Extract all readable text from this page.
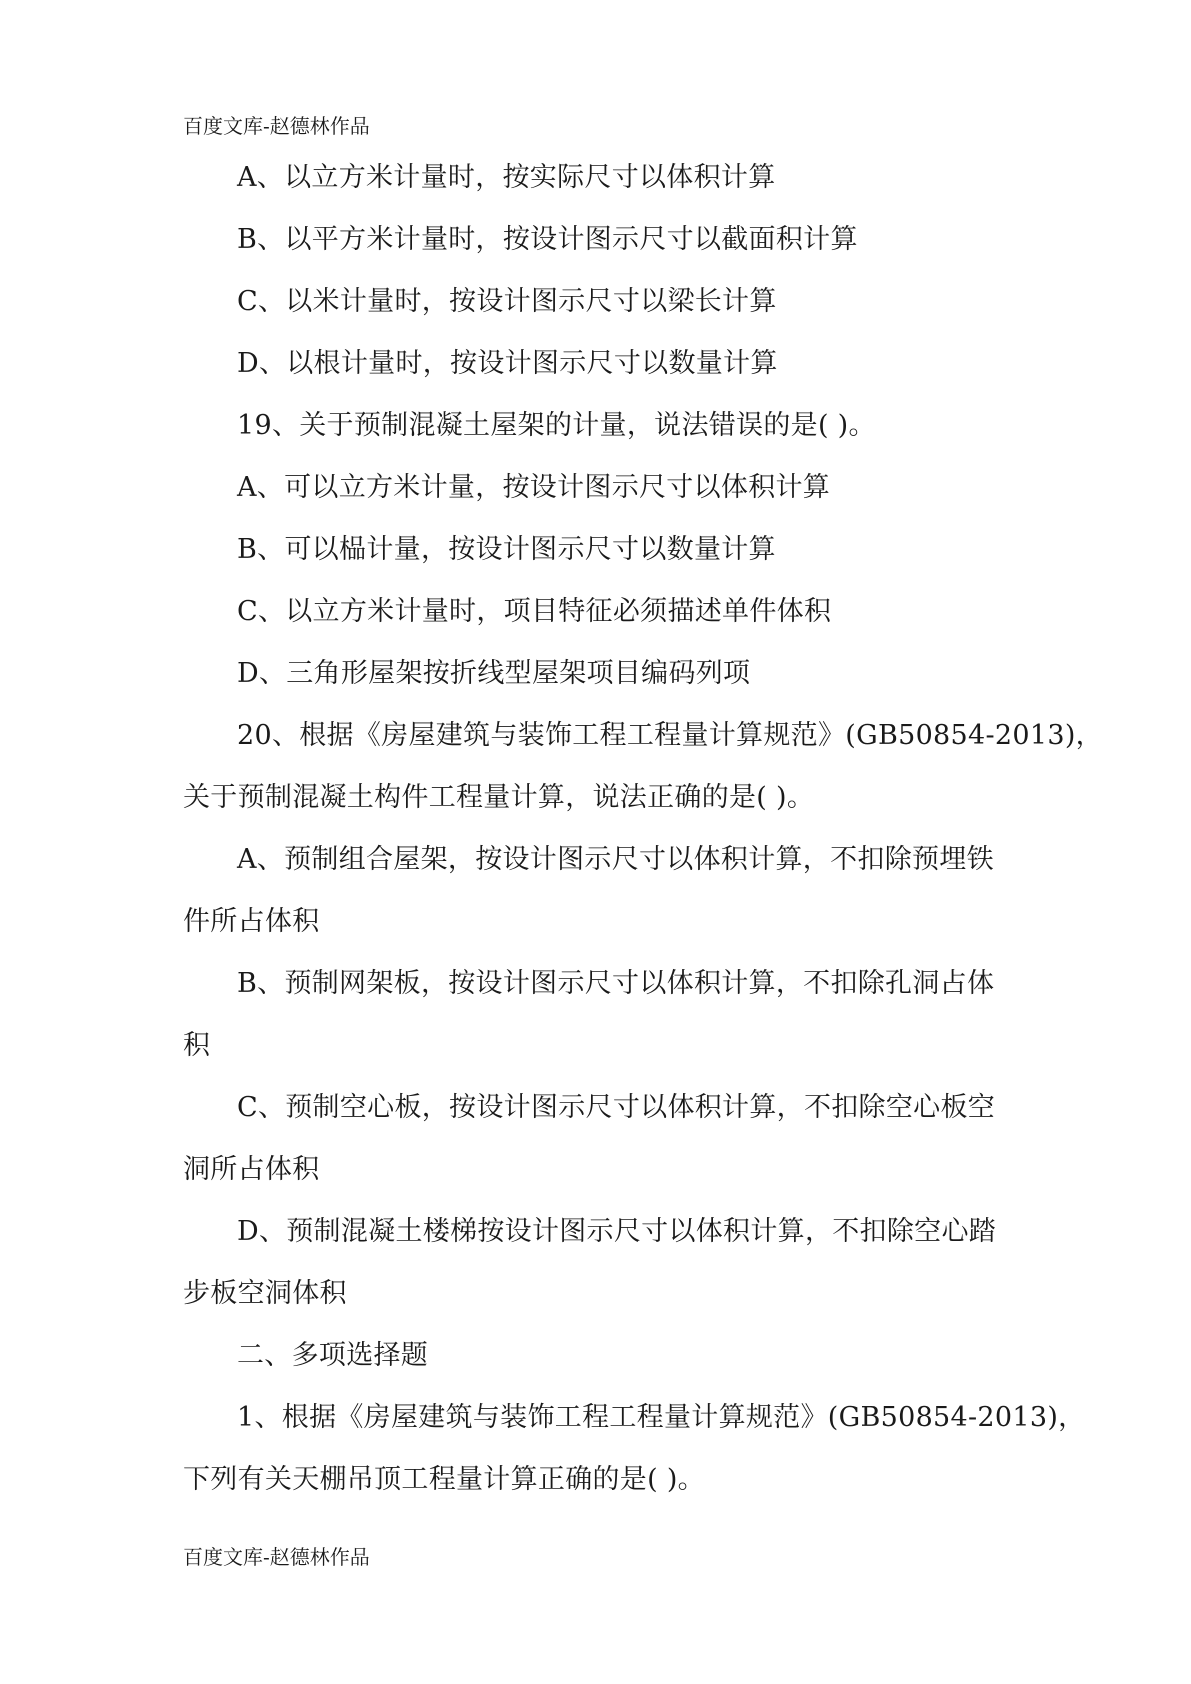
百度文库-赵德林作品

A、以立方米计量时，按实际尺寸以体积计算

B、以平方米计量时，按设计图示尺寸以截面积计算

C、以米计量时，按设计图示尺寸以梁长计算

D、以根计量时，按设计图示尺寸以数量计算

19、关于预制混凝土屋架的计量，说法错误的是( )。

A、可以立方米计量，按设计图示尺寸以体积计算

B、可以榀计量，按设计图示尺寸以数量计算

C、以立方米计量时，项目特征必须描述单件体积

D、三角形屋架按折线型屋架项目编码列项

20、根据《房屋建筑与装饰工程工程量计算规范》(GB50854-2013)，

关于预制混凝土构件工程量计算，说法正确的是( )。

A、预制组合屋架，按设计图示尺寸以体积计算，不扣除预埋铁

件所占体积

B、预制网架板，按设计图示尺寸以体积计算，不扣除孔洞占体

积

C、预制空心板，按设计图示尺寸以体积计算，不扣除空心板空

洞所占体积

D、预制混凝土楼梯按设计图示尺寸以体积计算，不扣除空心踏

步板空洞体积

二、多项选择题

1、根据《房屋建筑与装饰工程工程量计算规范》(GB50854-2013)，

下列有关天棚吊顶工程量计算正确的是( )。

百度文库-赵德林作品
